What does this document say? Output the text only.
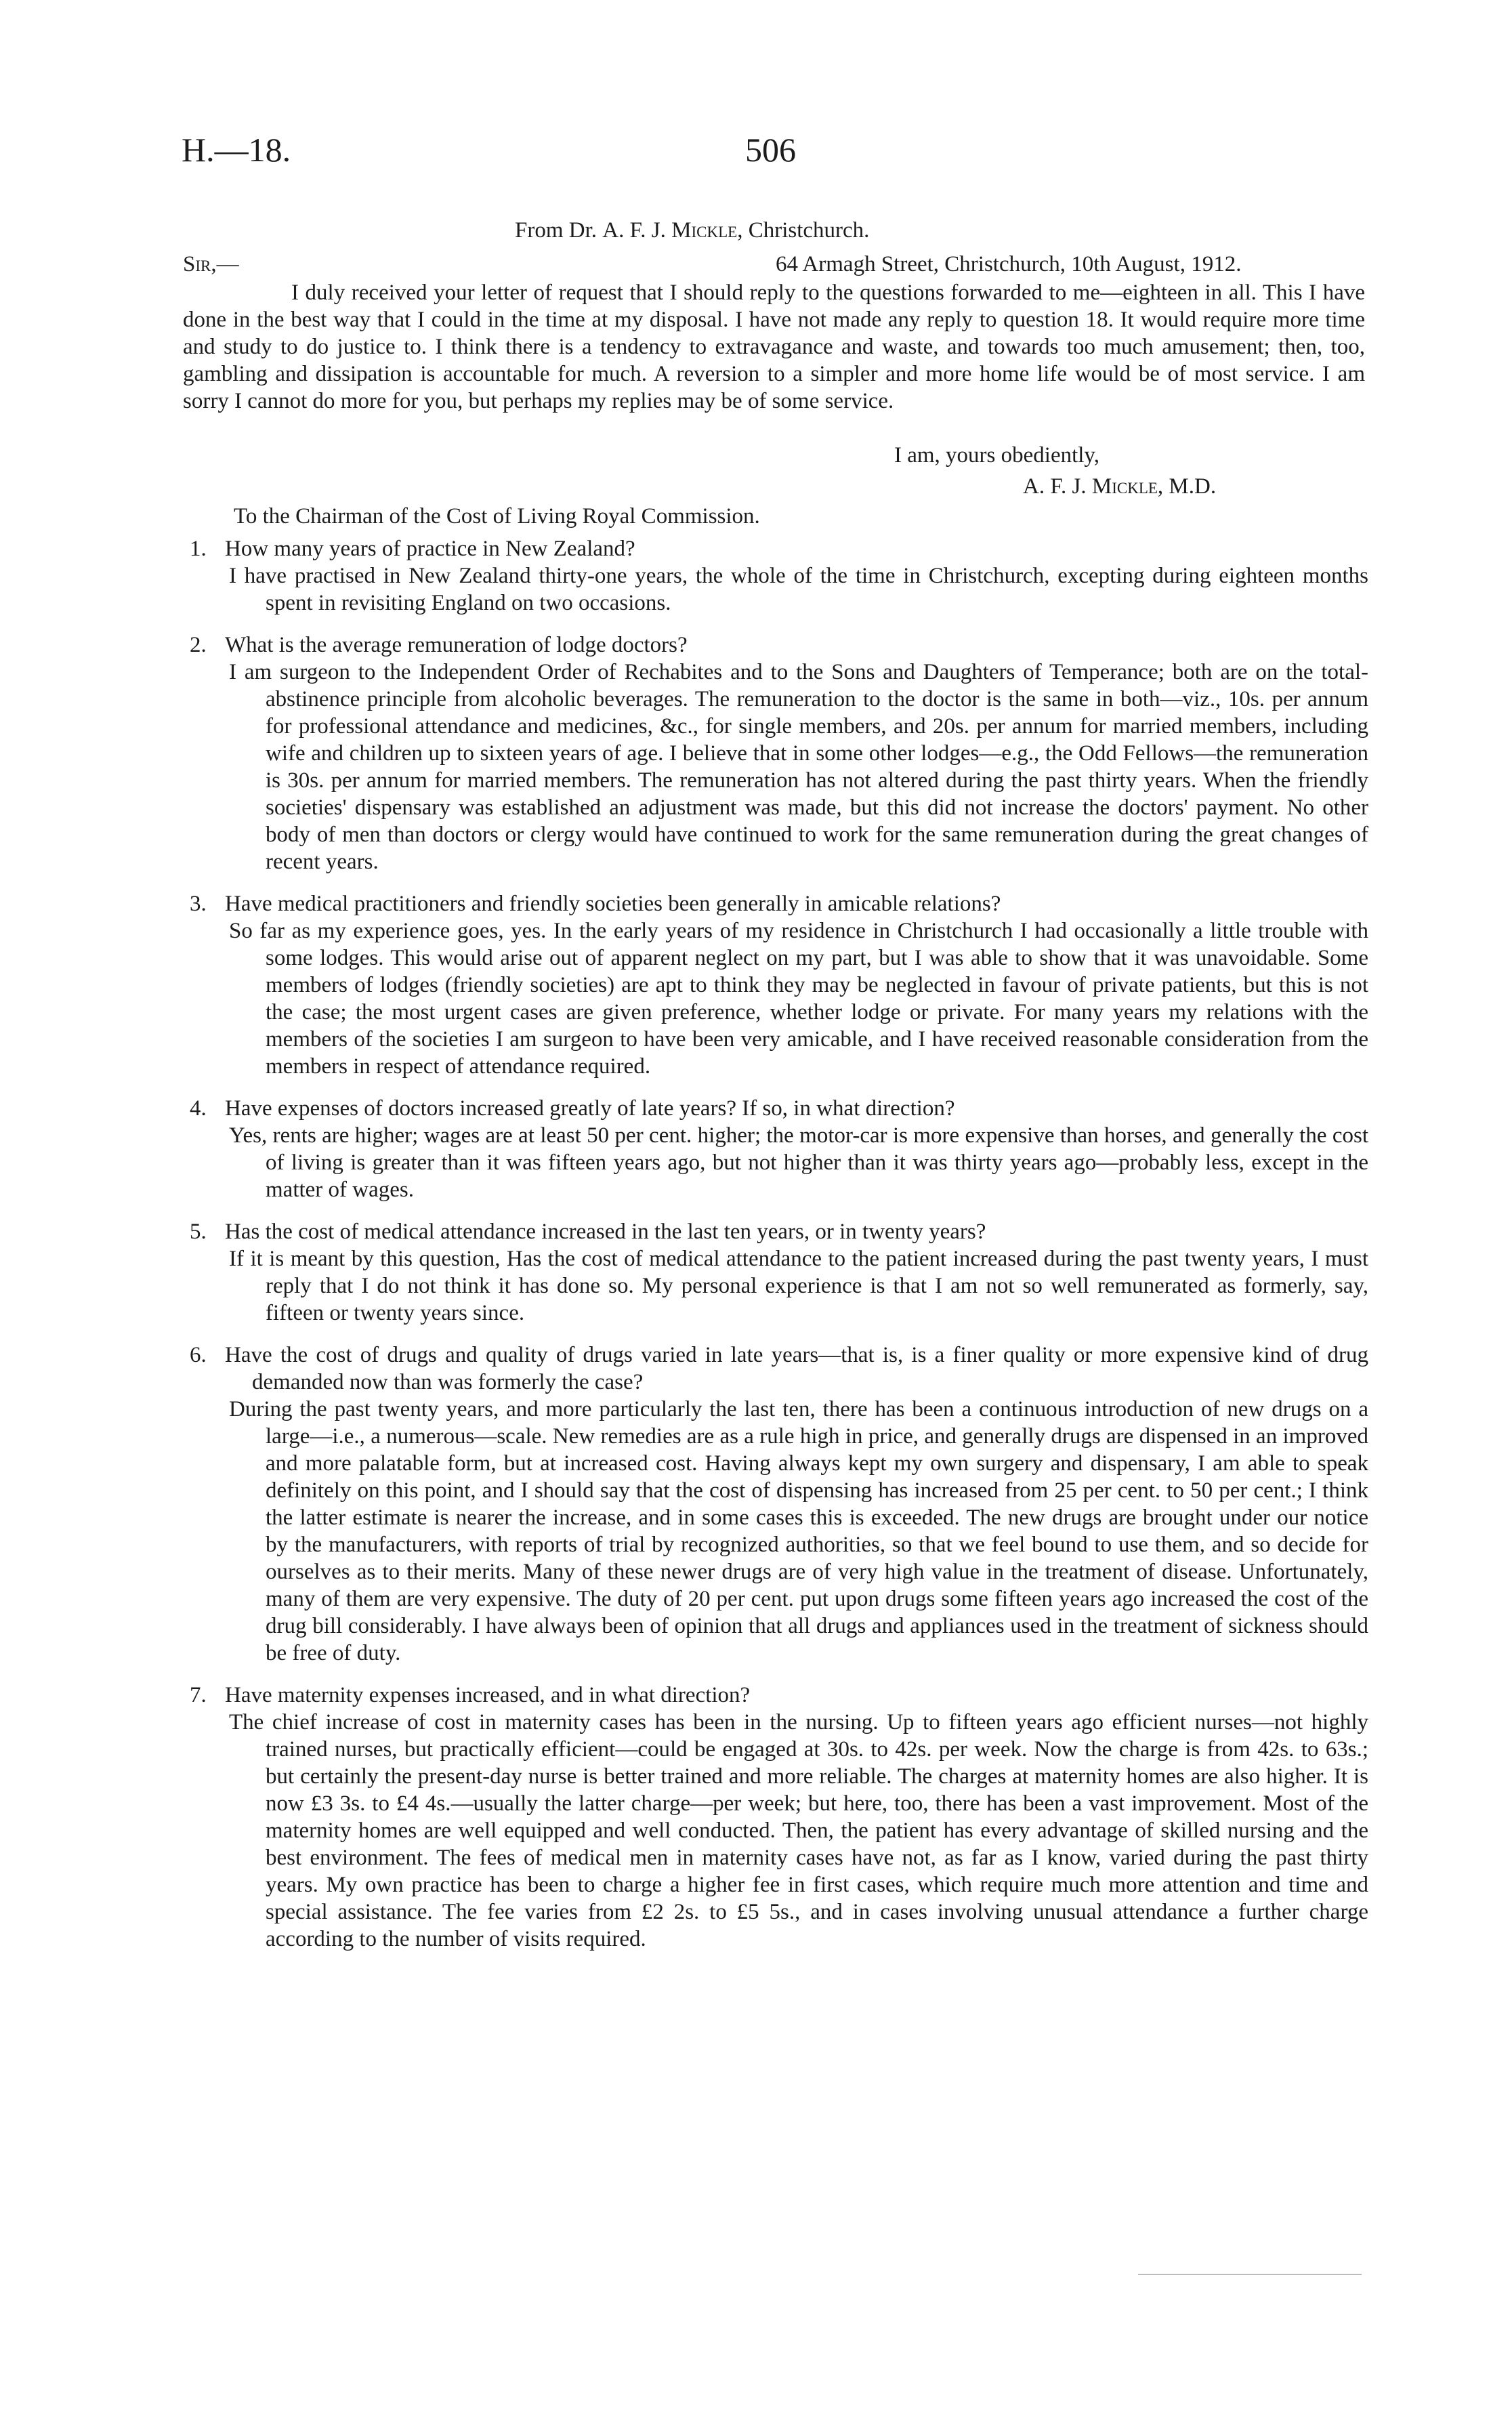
H.—18.	506
From Dr. A. F. J. Mickle, Christchurch.
Sir,—	64 Armagh Street, Christchurch, 10th August, 1912.
I duly received your letter of request that I should reply to the questions forwarded to me—eighteen in all. This I have done in the best way that I could in the time at my disposal. I have not made any reply to question 18. It would require more time and study to do justice to. I think there is a tendency to extravagance and waste, and towards too much amusement; then, too, gambling and dissipation is accountable for much. A reversion to a simpler and more home life would be of most service. I am sorry I cannot do more for you, but perhaps my replies may be of some service.
I am, yours obediently,
A. F. J. Mickle, M.D.
To the Chairman of the Cost of Living Royal Commission.
1. How many years of practice in New Zealand?
I have practised in New Zealand thirty-one years, the whole of the time in Christchurch, excepting during eighteen months spent in revisiting England on two occasions.
2. What is the average remuneration of lodge doctors?
I am surgeon to the Independent Order of Rechabites and to the Sons and Daughters of Temperance; both are on the total-abstinence principle from alcoholic beverages. The remuneration to the doctor is the same in both—viz., 10s. per annum for professional attendance and medicines, &c., for single members, and 20s. per annum for married members, including wife and children up to sixteen years of age. I believe that in some other lodges—e.g., the Odd Fellows—the remuneration is 30s. per annum for married members. The remuneration has not altered during the past thirty years. When the friendly societies' dispensary was established an adjustment was made, but this did not increase the doctors' payment. No other body of men than doctors or clergy would have continued to work for the same remuneration during the great changes of recent years.
3. Have medical practitioners and friendly societies been generally in amicable relations?
So far as my experience goes, yes. In the early years of my residence in Christchurch I had occasionally a little trouble with some lodges. This would arise out of apparent neglect on my part, but I was able to show that it was unavoidable. Some members of lodges (friendly societies) are apt to think they may be neglected in favour of private patients, but this is not the case; the most urgent cases are given preference, whether lodge or private. For many years my relations with the members of the societies I am surgeon to have been very amicable, and I have received reasonable consideration from the members in respect of attendance required.
4. Have expenses of doctors increased greatly of late years? If so, in what direction?
Yes, rents are higher; wages are at least 50 per cent. higher; the motor-car is more expensive than horses, and generally the cost of living is greater than it was fifteen years ago, but not higher than it was thirty years ago—probably less, except in the matter of wages.
5. Has the cost of medical attendance increased in the last ten years, or in twenty years?
If it is meant by this question, Has the cost of medical attendance to the patient increased during the past twenty years, I must reply that I do not think it has done so. My personal experience is that I am not so well remunerated as formerly, say, fifteen or twenty years since.
6. Have the cost of drugs and quality of drugs varied in late years—that is, is a finer quality or more expensive kind of drug demanded now than was formerly the case?
During the past twenty years, and more particularly the last ten, there has been a continuous introduction of new drugs on a large—i.e., a numerous—scale. New remedies are as a rule high in price, and generally drugs are dispensed in an improved and more palatable form, but at increased cost. Having always kept my own surgery and dispensary, I am able to speak definitely on this point, and I should say that the cost of dispensing has increased from 25 per cent. to 50 per cent.; I think the latter estimate is nearer the increase, and in some cases this is exceeded. The new drugs are brought under our notice by the manufacturers, with reports of trial by recognized authorities, so that we feel bound to use them, and so decide for ourselves as to their merits. Many of these newer drugs are of very high value in the treatment of disease. Unfortunately, many of them are very expensive. The duty of 20 per cent. put upon drugs some fifteen years ago increased the cost of the drug bill considerably. I have always been of opinion that all drugs and appliances used in the treatment of sickness should be free of duty.
7. Have maternity expenses increased, and in what direction?
The chief increase of cost in maternity cases has been in the nursing. Up to fifteen years ago efficient nurses—not highly trained nurses, but practically efficient—could be engaged at 30s. to 42s. per week. Now the charge is from 42s. to 63s.; but certainly the present-day nurse is better trained and more reliable. The charges at maternity homes are also higher. It is now £3 3s. to £4 4s.—usually the latter charge—per week; but here, too, there has been a vast improvement. Most of the maternity homes are well equipped and well conducted. Then, the patient has every advantage of skilled nursing and the best environment. The fees of medical men in maternity cases have not, as far as I know, varied during the past thirty years. My own practice has been to charge a higher fee in first cases, which require much more attention and time and special assistance. The fee varies from £2 2s. to £5 5s., and in cases involving unusual attendance a further charge according to the number of visits required.
